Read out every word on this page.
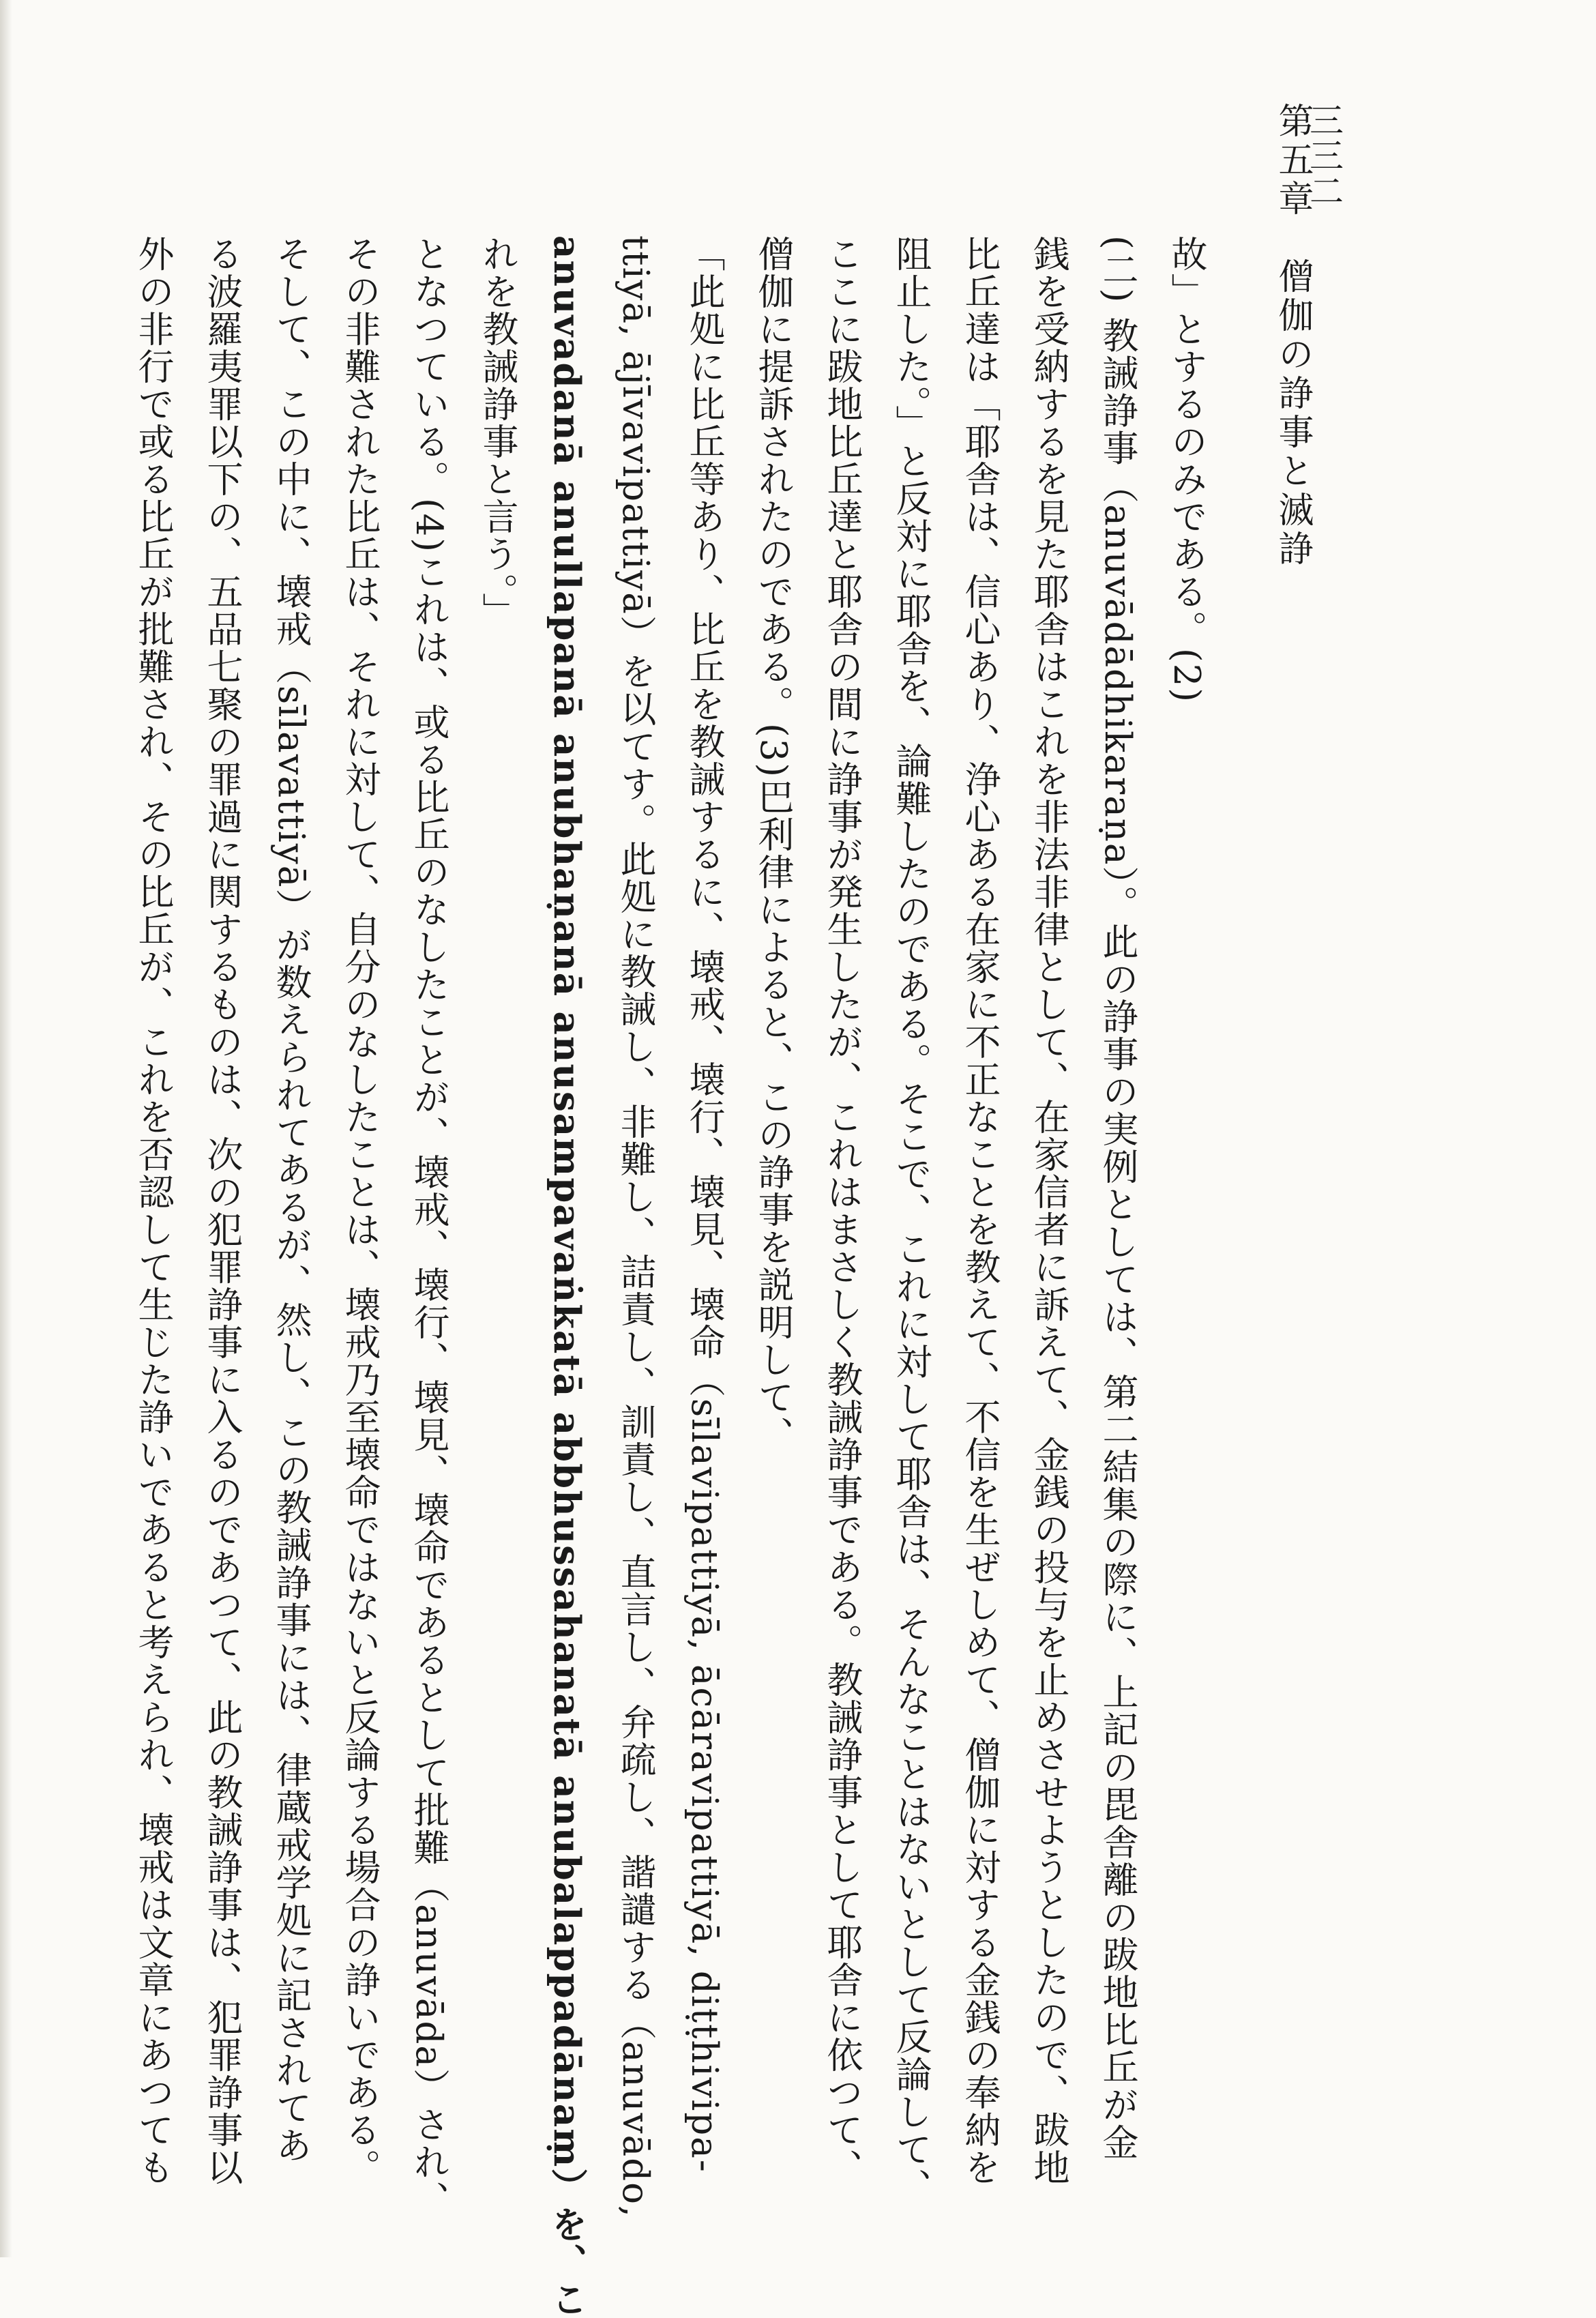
三三二
第五章　僧伽の諍事と滅諍
故」とするのみである。(2)
(二) 教誡諍事（anuvādādhikaraṇa）。此の諍事の実例としては、第二結集の際に、上記の毘舎離の跋地比丘が金
銭を受納するを見た耶舎はこれを非法非律として、在家信者に訴えて、金銭の投与を止めさせようとしたので、跋地
比丘達は「耶舎は、信心あり、浄心ある在家に不正なことを教えて、不信を生ぜしめて、僧伽に対する金銭の奉納を
阻止した。」と反対に耶舎を、論難したのである。そこで、これに対して耶舎は、そんなことはないとして反論して、
ここに跋地比丘達と耶舎の間に諍事が発生したが、これはまさしく教誡諍事である。教誡諍事として耶舎に依つて、
僧伽に提訴されたのである。(3)巴利律によると、この諍事を説明して、
「此処に比丘等あり、比丘を教誡するに、壊戒、壊行、壊見、壊命（sīlavipattiyā, ācāravipattiyā, diṭṭhivipa-
ttiyā, ājīvavipattiyā）を以てす。此処に教誡し、非難し、詰責し、訓責し、直言し、弁疏し、諧譴する（anuvādo,
anuvadanā anullapanā anubhaṇanā anusampavaṅkatā abbhussahanatā anubalappadānaṃ）を、こ
れを教誡諍事と言う。」
となつている。(4)これは、或る比丘のなしたことが、壊戒、壊行、壊見、壊命であるとして批難（anuvāda）され、
その非難された比丘は、それに対して、自分のなしたことは、壊戒乃至壊命ではないと反論する場合の諍いである。
そして、この中に、壊戒（sīlavattiyā）が数えられてあるが、然し、この教誡諍事には、律蔵戒学処に記されてあ
る波羅夷罪以下の、五品七聚の罪過に関するものは、次の犯罪諍事に入るのであつて、此の教誡諍事は、犯罪諍事以
外の非行で或る比丘が批難され、その比丘が、これを否認して生じた諍いであると考えられ、壊戒は文章にあつても
